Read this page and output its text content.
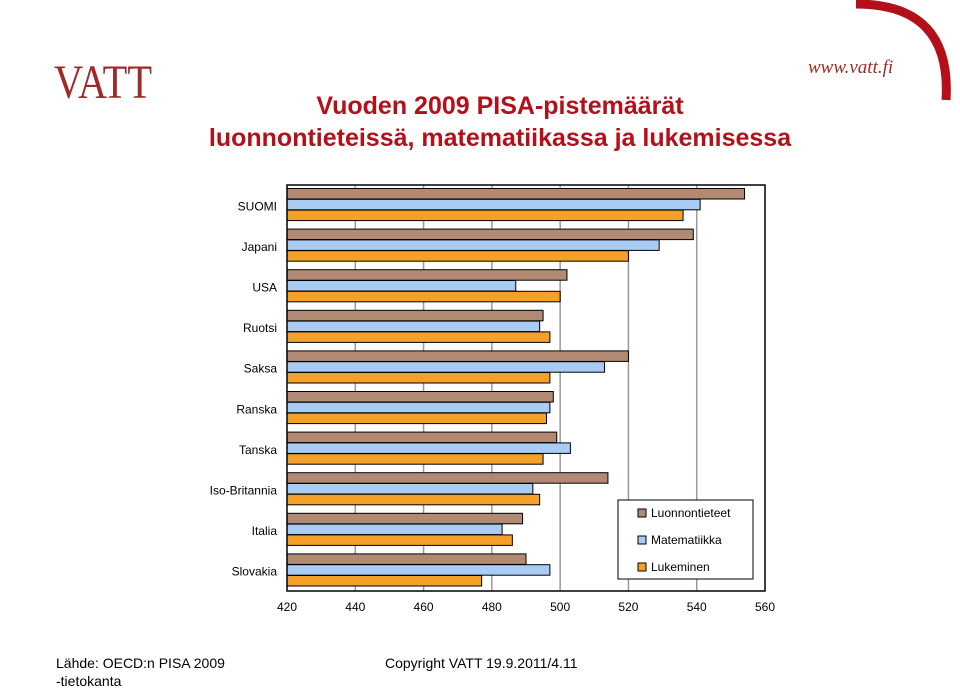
VATT	www.vatt.fi
Vuoden 2009 PISA-pistemäärät
luonnontieteissä, matematiikassa ja lukemisessa
SUOMI
Japani
USA
Ruotsi
Saksa
Ranska
Tanska
Iso-Britannia
Italia
Slovakia
420	440	460	480	500	520	540	560
Luonnontieteet
Matematiikka
Lukeminen
Lähde: OECD:n PISA 2009
-tietokanta
Copyright VATT 19.9.2011/4.11
